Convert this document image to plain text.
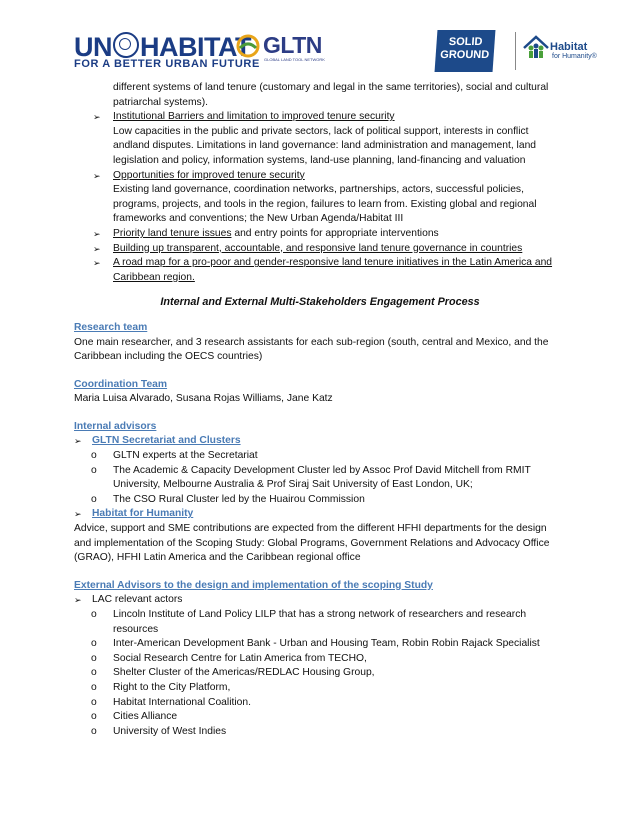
UN HABITAT
FOR A BETTER URBAN FUTURE
GLTN
GLOBAL LAND TOOL NETWORK
SOLID
GROUND
Habitat
for Humanity®

different systems of land tenure (customary and legal in the same territories), social and cultural patriarchal systems).

➢ Institutional Barriers and limitation to improved tenure security
Low capacities in the public and private sectors, lack of political support, interests in conflict andland disputes. Limitations in land governance: land administration and management, land legislation and policy, information systems, land-use planning, land-financing and valuation
➢ Opportunities for improved tenure security
Existing land governance, coordination networks, partnerships, actors, successful policies, programs, projects, and tools in the region, failures to learn from. Existing global and regional frameworks and conventions; the New Urban Agenda/Habitat III
➢ Priority land tenure issues and entry points for appropriate interventions
➢ Building up transparent, accountable, and responsive land tenure governance in countries
➢ A road map for a pro-poor and gender-responsive land tenure initiatives in the Latin America and Caribbean region.
Internal and External Multi-Stakeholders Engagement Process
Research team

One main researcher, and 3 research assistants for each sub-region (south, central and Mexico, and the Caribbean including the OECS countries)

Coordination Team

Maria Luisa Alvarado, Susana Rojas Williams, Jane Katz

Internal advisors
➢ GLTN Secretariat and Clusters
o GLTN experts at the Secretariat
o The Academic & Capacity Development Cluster led by Assoc Prof David Mitchell from RMIT University, Melbourne Australia & Prof Siraj Sait University of East London, UK;
o The CSO Rural Cluster led by the Huairou Commission
➢ Habitat for Humanity

Advice, support and SME contributions are expected from the different HFHI departments for the design and implementation of the Scoping Study: Global Programs, Government Relations and Advocacy Office (GRAO), HFHI Latin America and the Caribbean regional office

External Advisors to the design and implementation of the scoping Study
➢ LAC relevant actors
o Lincoln Institute of Land Policy LILP that has a strong network of researchers and research resources
o Inter-American Development Bank - Urban and Housing Team, Robin Robin Rajack Specialist
o Social Research Centre for Latin America from TECHO,
o Shelter Cluster of the Americas/REDLAC Housing Group,
o Right to the City Platform,
o Habitat International Coalition.
o Cities Alliance
o University of West Indies
